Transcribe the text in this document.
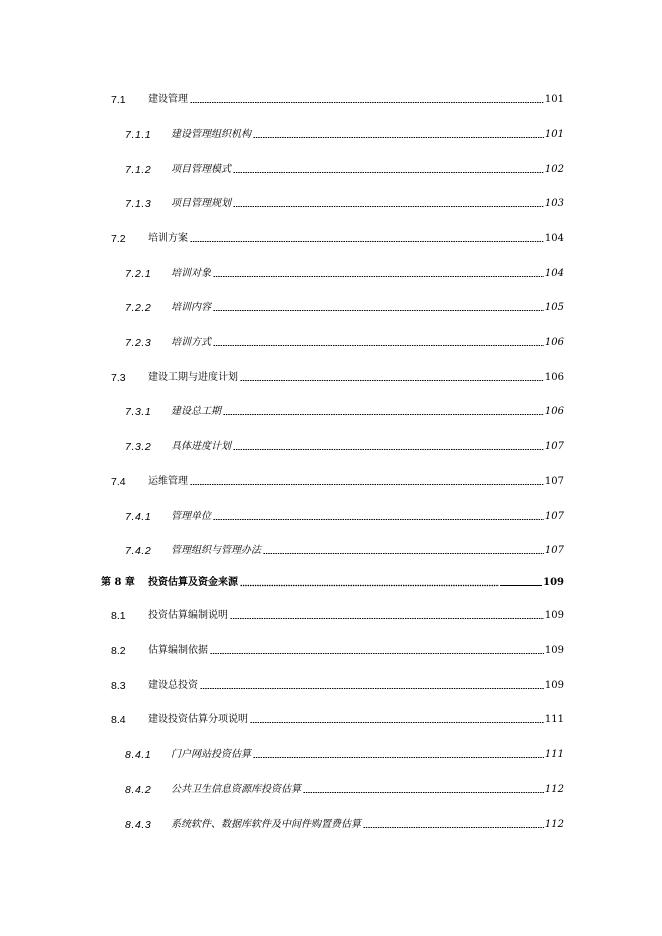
7.1 建设管理	101
7.1.1 建设管理组织机构	101
7.1.2 项目管理模式	102
7.1.3 项目管理规划	103
7.2 培训方案	104
7.2.1 培训对象	104
7.2.2 培训内容	105
7.2.3 培训方式	106
7.3 建设工期与进度计划	106
7.3.1 建设总工期	106
7.3.2 具体进度计划	107
7.4 运维管理	107
7.4.1 管理单位	107
7.4.2 管理组织与管理办法	107
第 8 章 投资估算及资金来源	109
8.1 投资估算编制说明	109
8.2 估算编制依据	109
8.3 建设总投资	109
8.4 建设投资估算分项说明	111
8.4.1 门户网站投资估算	111
8.4.2 公共卫生信息资源库投资估算	112
8.4.3 系统软件、数据库软件及中间件购置费估算	112
